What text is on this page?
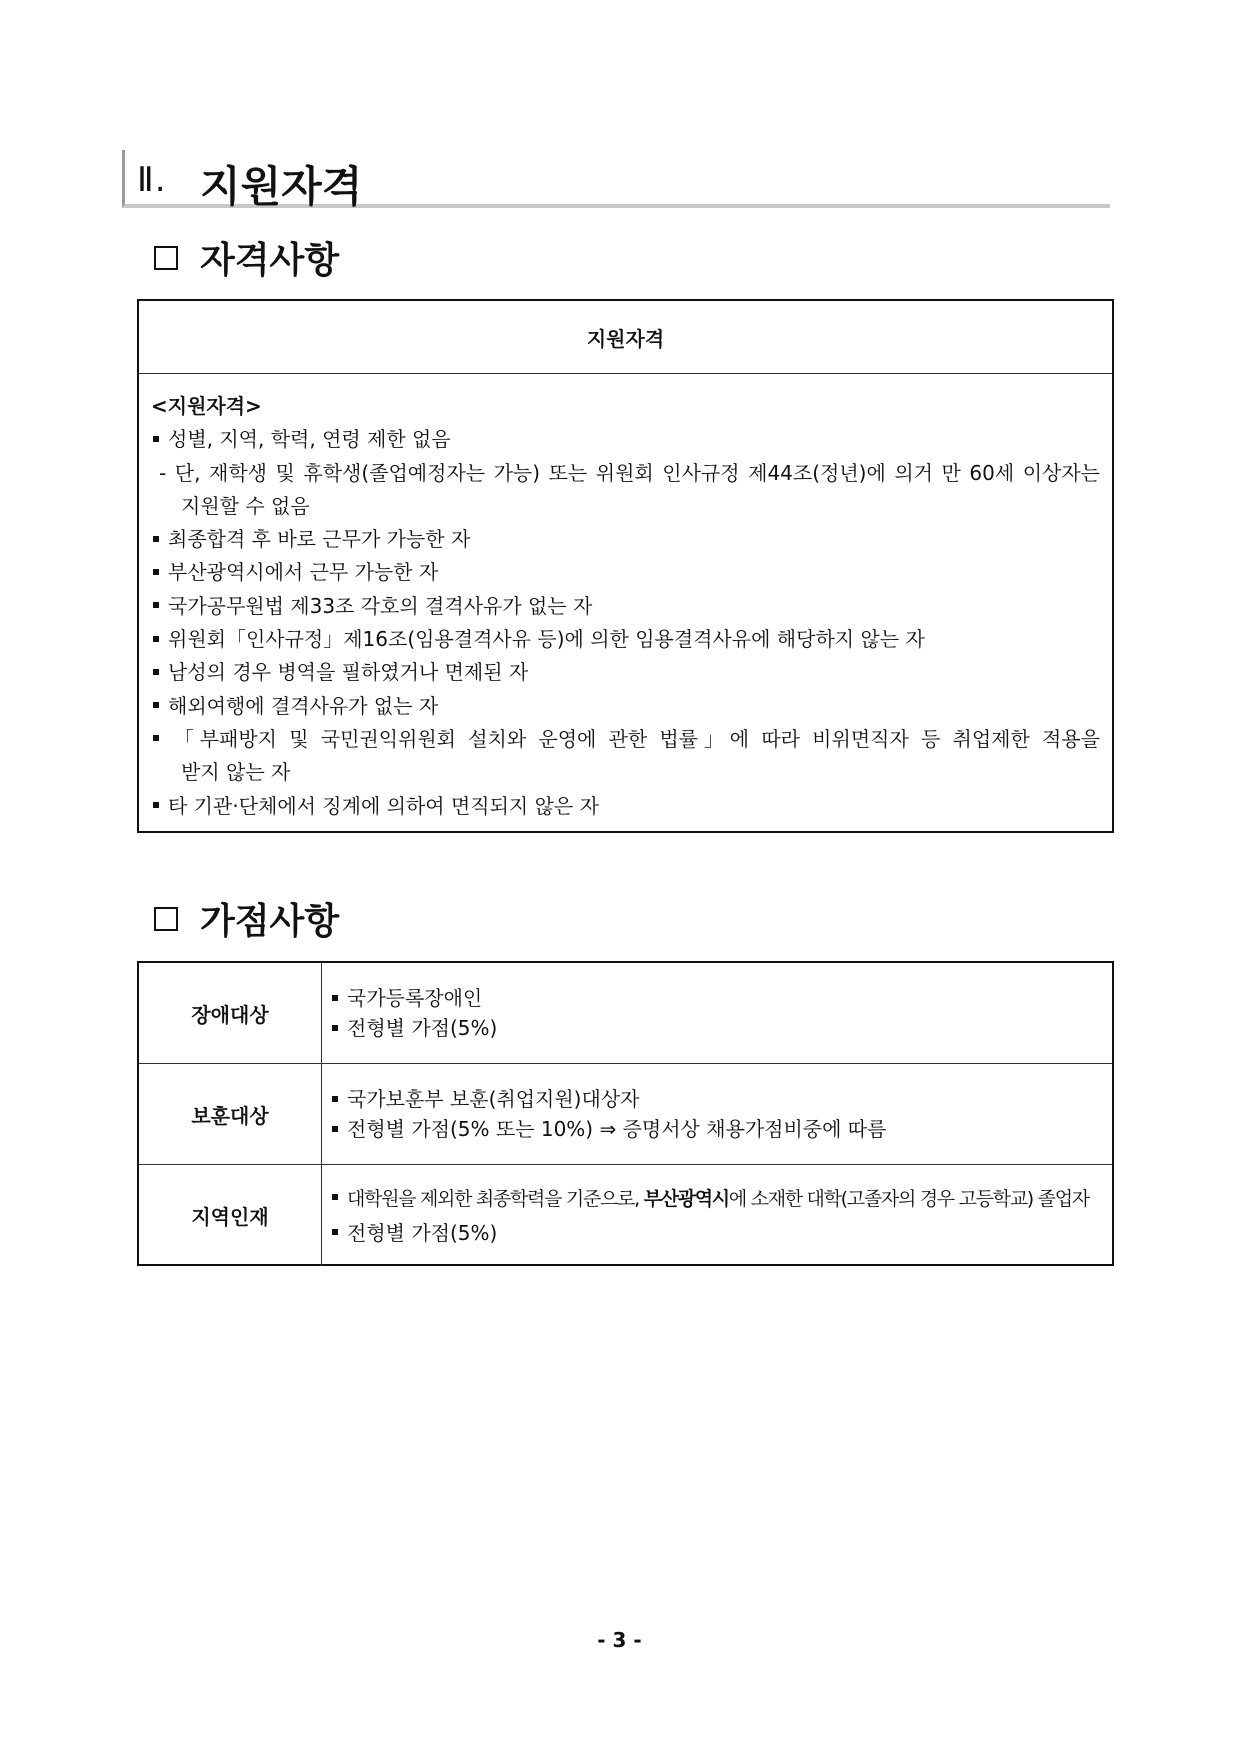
Ⅱ. 지원자격
자격사항
지원자격
<지원자격>
성별, 지역, 학력, 연령 제한 없음
- 단, 재학생 및 휴학생(졸업예정자는 가능) 또는 위원회 인사규정 제44조(정년)에 의거 만 60세 이상자는
지원할 수 없음
최종합격 후 바로 근무가 가능한 자
부산광역시에서 근무 가능한 자
국가공무원법 제33조 각호의 결격사유가 없는 자
위원회「인사규정」제16조(임용결격사유 등)에 의한 임용결격사유에 해당하지 않는 자
남성의 경우 병역을 필하였거나 면제된 자
해외여행에 결격사유가 없는 자
「부패방지 및 국민권익위원회 설치와 운영에 관한 법률」에 따라 비위면직자 등 취업제한 적용을
받지 않는 자
타 기관·단체에서 징계에 의하여 면직되지 않은 자
가점사항
장애대상
국가등록장애인
전형별 가점(5%)
보훈대상
국가보훈부 보훈(취업지원)대상자
전형별 가점(5% 또는 10%) ⇒ 증명서상 채용가점비중에 따름
지역인재
대학원을 제외한 최종학력을 기준으로, 부산광역시에 소재한 대학(고졸자의 경우 고등학교) 졸업자
전형별 가점(5%)
- 3 -
